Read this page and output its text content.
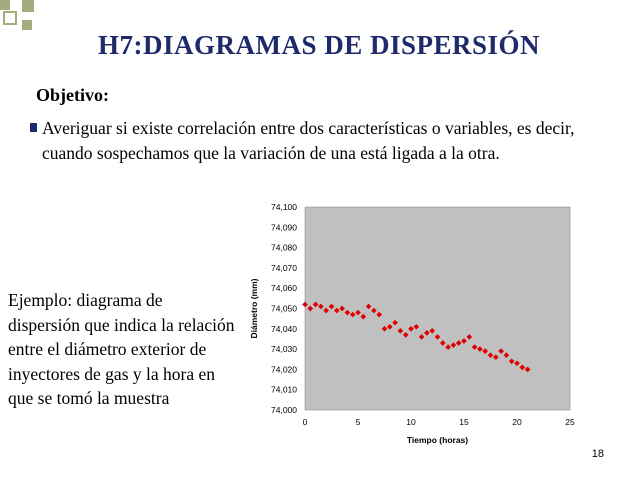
H7:DIAGRAMAS DE DISPERSIÓN
Objetivo:
Averiguar si existe correlación entre dos características o variables, es decir, cuando sospechamos que la variación de una está ligada a la otra.
Ejemplo: diagrama de dispersión que indica la relación entre el diámetro exterior de inyectores de gas y la hora en que se tomó la muestra
74,000
74,010
74,020
74,030
74,040
74,050
74,060
74,070
74,080
74,090
74,100
0	5	10	15	20	25
Tiempo (horas)
Diámetro (mm)
18
